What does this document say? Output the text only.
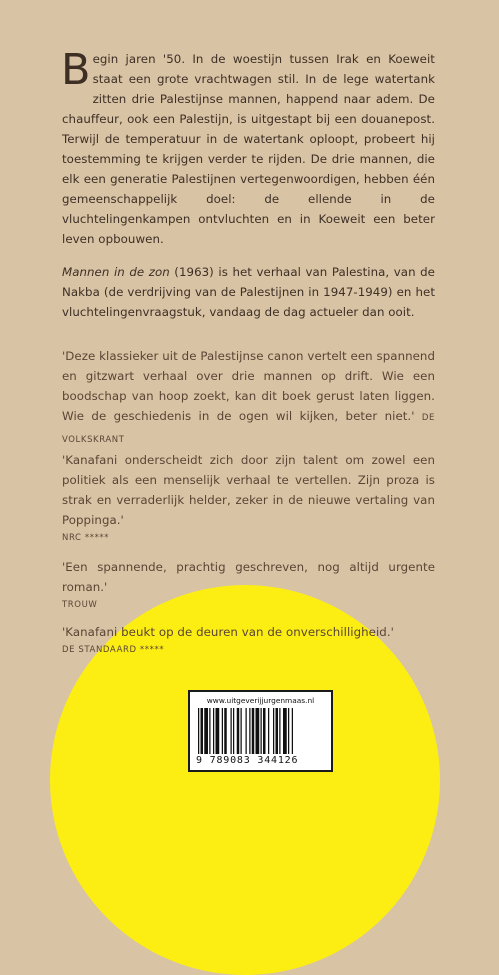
Begin jaren '50. In de woestijn tussen Irak en Koeweit staat een grote vrachtwagen stil. In de lege watertank zitten drie Palestijnse mannen, happend naar adem. De chauffeur, ook een Palestijn, is uitgestapt bij een douanepost. Terwijl de temperatuur in de watertank oploopt, probeert hij toestemming te krijgen verder te rijden. De drie mannen, die elk een generatie Palestijnen vertegenwoordigen, hebben één gemeenschappelijk doel: de ellende in de vluchtelingenkampen ontvluchten en in Koeweit een beter leven opbouwen.
Mannen in de zon (1963) is het verhaal van Palestina, van de Nakba (de verdrijving van de Palestijnen in 1947-1949) en het vluchtelingenvraagstuk, vandaag de dag actueler dan ooit.
'Deze klassieker uit de Palestijnse canon vertelt een spannend en gitzwart verhaal over drie mannen op drift. Wie een boodschap van hoop zoekt, kan dit boek gerust laten liggen. Wie de geschiedenis in de ogen wil kijken, beter niet.' DE VOLKSKRANT
'Kanafani onderscheidt zich door zijn talent om zowel een politiek als een menselijk verhaal te vertellen. Zijn proza is strak en verraderlijk helder, zeker in de nieuwe vertaling van Poppinga.'
NRC *****
'Een spannende, prachtig geschreven, nog altijd urgente roman.'
TROUW
'Kanafani beukt op de deuren van de onverschilligheid.'
DE STANDAARD *****
www.uitgeverijjurgenmaas.nl
9 789083 344126
